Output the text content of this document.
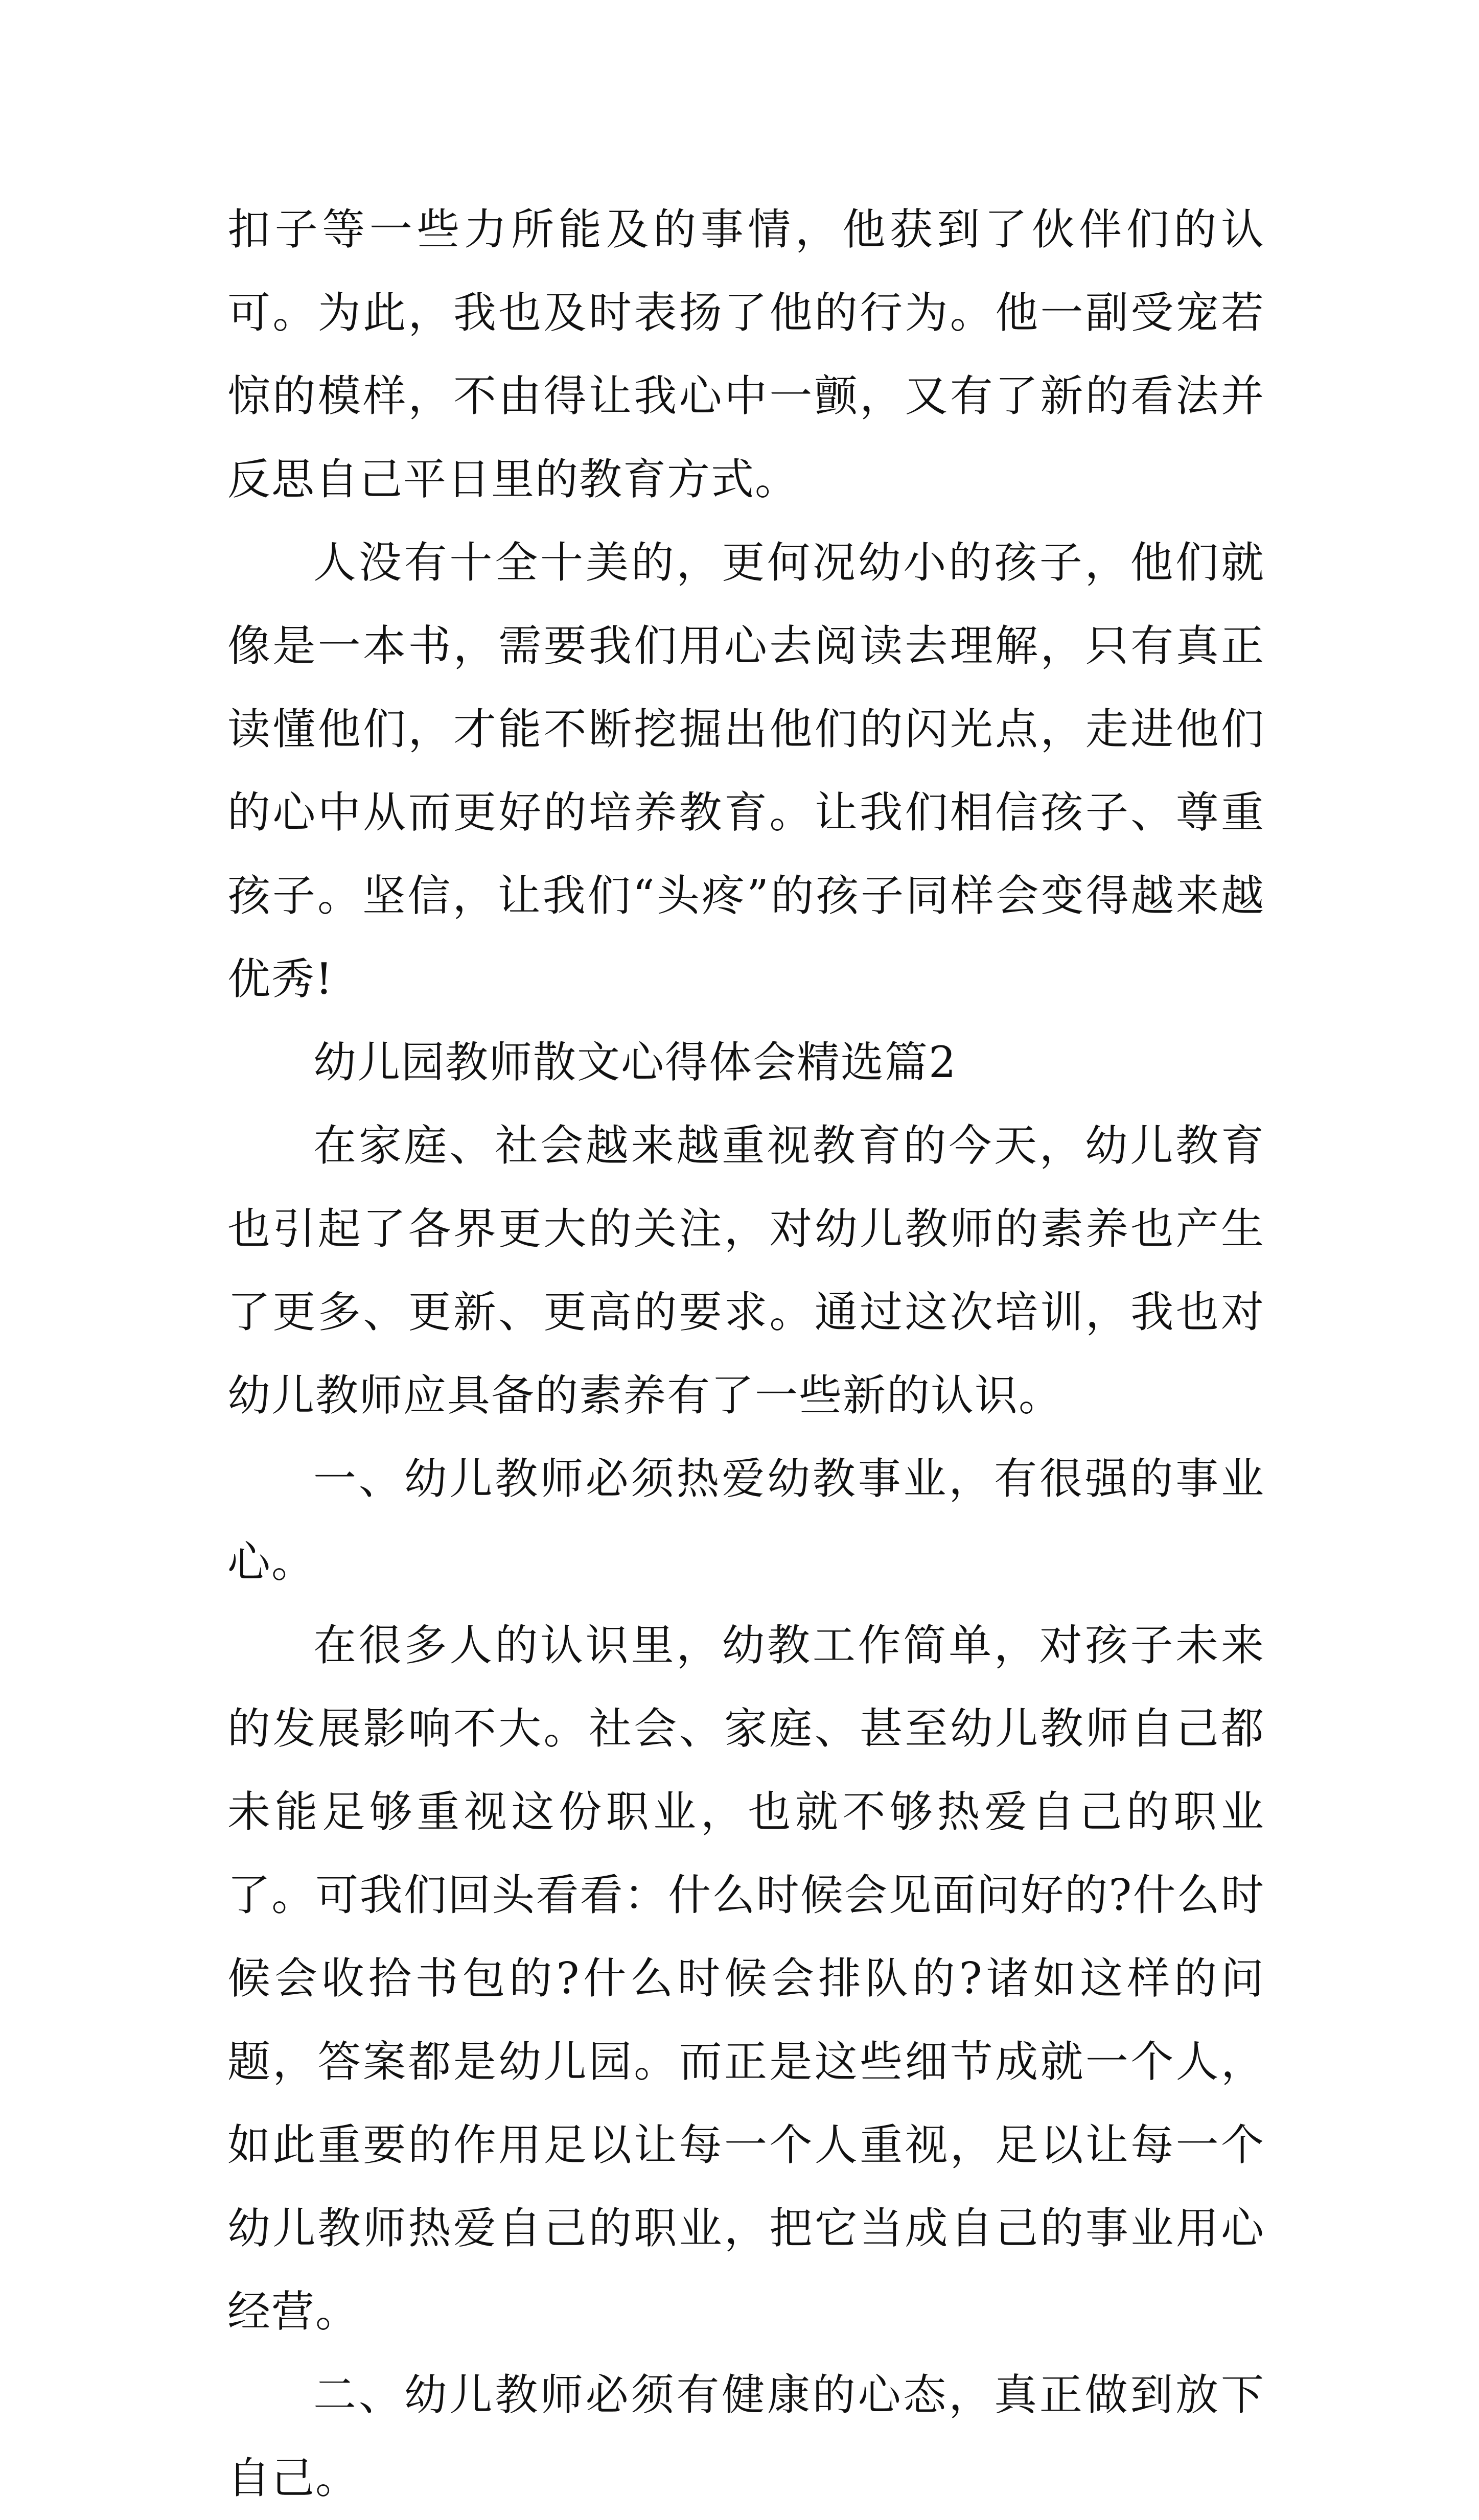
扣子等一些力所能及的事情，他获到了伙伴们的认可。为此，我也及时表扬了他的行为。他一副受宠若惊的模样，不由得让我心中一颤，又有了新的看法并反思自己平日里的教育方式。

人没有十全十美的，更何况幼小的孩子，他们就像是一本书，需要我们用心去阅读去理解，只有真正读懂他们，才能不断挖掘出他们的闪光点，走进他们的心中从而更好的培养教育。让我们相信孩子、尊重孩子。坚信，让我们“头疼”的孩子同样会变得越来越优秀!

幼儿园教师散文心得体会精选篇2

在家庭、社会越来越重视教育的今天，幼儿教育也引起了各界更大的关注，对幼儿教师的素养也产生了更多、更新、更高的要求。通过这次培训，我也对幼儿教师应具备的素养有了一些新的认识。

一、幼儿教师必须热爱幼教事业，有很强的事业心。

在很多人的认识里，幼教工作简单，对孩子未来的发展影响不大。社会、家庭、甚至幼儿教师自己都未能足够重视这份职业，也就不够热爱自己的职业了。可我们回头看看：什么时候会见面问好的?什么时候会收拾书包的?什么时候会排队的?诸如这样的问题，答案都是幼儿园。而正是这些细节成就一个人，如此重要的作用足以让每一个人重视，足以让每一个幼儿教师热爱自己的职业，把它当成自己的事业用心经营。

二、幼儿教师必须有健康的心态，真正做到放下自己。
